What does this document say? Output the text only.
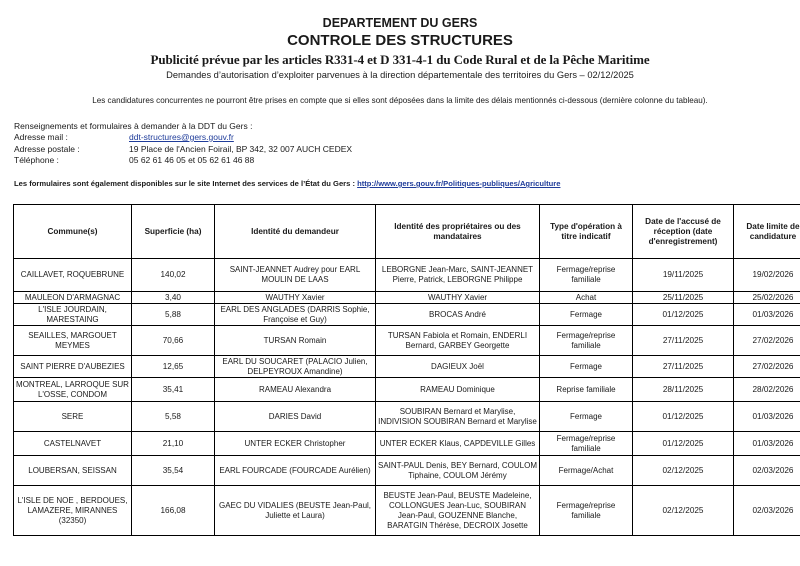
DEPARTEMENT DU GERS
CONTROLE DES STRUCTURES
Publicité prévue par les articles R331-4 et D 331-4-1 du Code Rural et de la Pêche Maritime
Demandes d’autorisation d’exploiter parvenues à la direction départementale des territoires du Gers – 02/12/2025
Les candidatures concurrentes ne pourront être prises en compte que si elles sont déposées dans la limite des délais mentionnés ci-dessous (dernière colonne du tableau).
Renseignements et formulaires à demander à la DDT du Gers :
Adresse mail :	ddt-structures@gers.gouv.fr
Adresse postale :	19 Place de l'Ancien Foirail, BP 342, 32 007 AUCH CEDEX
Téléphone :	05 62 61 46 05 et 05 62 61 46 88
Les formulaires sont également disponibles sur le site Internet des services de l’État du Gers : http://www.gers.gouv.fr/Politiques-publiques/Agriculture
Commune(s)	Superficie (ha)	Identité du demandeur	Identité des propriétaires ou des mandataires	Type d'opération à titre indicatif	Date de l'accusé de réception (date d'enregistrement)	Date limite de candidature
CAILLAVET, ROQUEBRUNE	140,02	SAINT-JEANNET Audrey pour EARL MOULIN DE LAAS	LEBORGNE Jean-Marc, SAINT-JEANNET Pierre, Patrick, LEBORGNE Philippe	Fermage/reprise familiale	19/11/2025	19/02/2026
MAULEON D'ARMAGNAC	3,40	WAUTHY Xavier	WAUTHY Xavier	Achat	25/11/2025	25/02/2026
L'ISLE JOURDAIN, MARESTAING	5,88	EARL DES ANGLADES (DARRIS Sophie, Françoise et Guy)	BROCAS André	Fermage	01/12/2025	01/03/2026
SEAILLES, MARGOUET MEYMES	70,66	TURSAN Romain	TURSAN Fabiola et Romain, ENDERLI Bernard, GARBEY Georgette	Fermage/reprise familiale	27/11/2025	27/02/2026
SAINT PIERRE D'AUBEZIES	12,65	EARL DU SOUCARET (PALACIO Julien, DELPEYROUX Amandine)	DAGIEUX Joël	Fermage	27/11/2025	27/02/2026
MONTREAL, LARROQUE SUR L'OSSE, CONDOM	35,41	RAMEAU Alexandra	RAMEAU Dominique	Reprise familiale	28/11/2025	28/02/2026
SERE	5,58	DARIES David	SOUBIRAN Bernard et Marylise, INDIVISION SOUBIRAN Bernard et Marylise	Fermage	01/12/2025	01/03/2026
CASTELNAVET	21,10	UNTER ECKER Christopher	UNTER ECKER Klaus, CAPDEVILLE Gilles	Fermage/reprise familiale	01/12/2025	01/03/2026
LOUBERSAN, SEISSAN	35,54	EARL FOURCADE (FOURCADE Aurélien)	SAINT-PAUL Denis, BEY Bernard, COULOM Tiphaine, COULOM Jérémy	Fermage/Achat	02/12/2025	02/03/2026
L'ISLE DE NOE , BERDOUES, LAMAZERE, MIRANNES (32350)	166,08	GAEC DU VIDALIES (BEUSTE Jean-Paul, Juliette et Laura)	BEUSTE Jean-Paul, BEUSTE Madeleine, COLLONGUES Jean-Luc, SOUBIRAN Jean-Paul, GOUZENNE Blanche, BARATGIN Thérèse, DECROIX Josette	Fermage/reprise familiale	02/12/2025	02/03/2026
